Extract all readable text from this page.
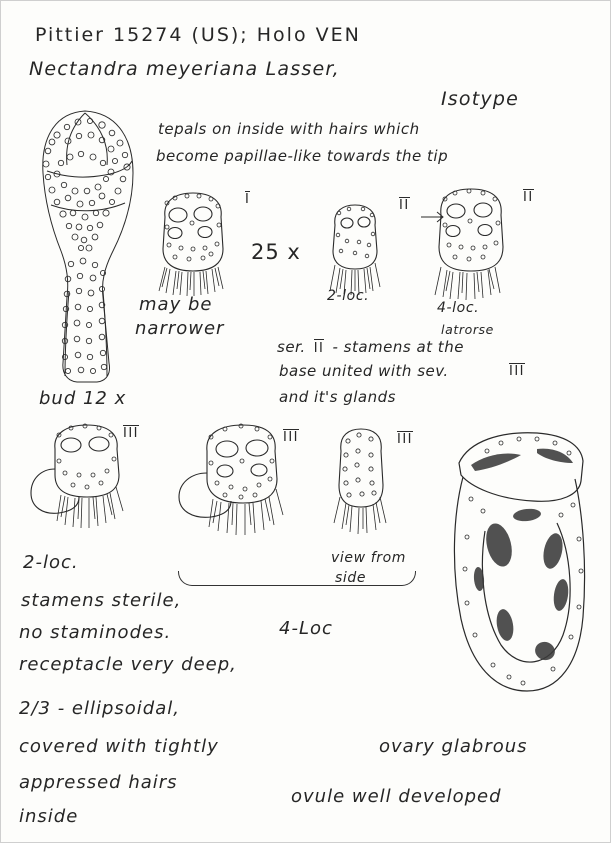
Pittier 15274 (US); Holo VEN
Nectandra meyeriana Lasser,
Isotype
tepals on inside with hairs which
become papillae-like towards the tip
bud 12 x
I
may be
narrower
25 x
II
2-loc.
II
4-loc.
latrorse
ser. II - stamens at the
base united with sev.	III
and it's glands
III
2-loc.
III	III
view from
side
4-Loc
stamens sterile,
no staminodes.
receptacle very deep,
2/3 - ellipsoidal,
covered with tightly
appressed hairs
inside
ovary glabrous
ovule well developed
